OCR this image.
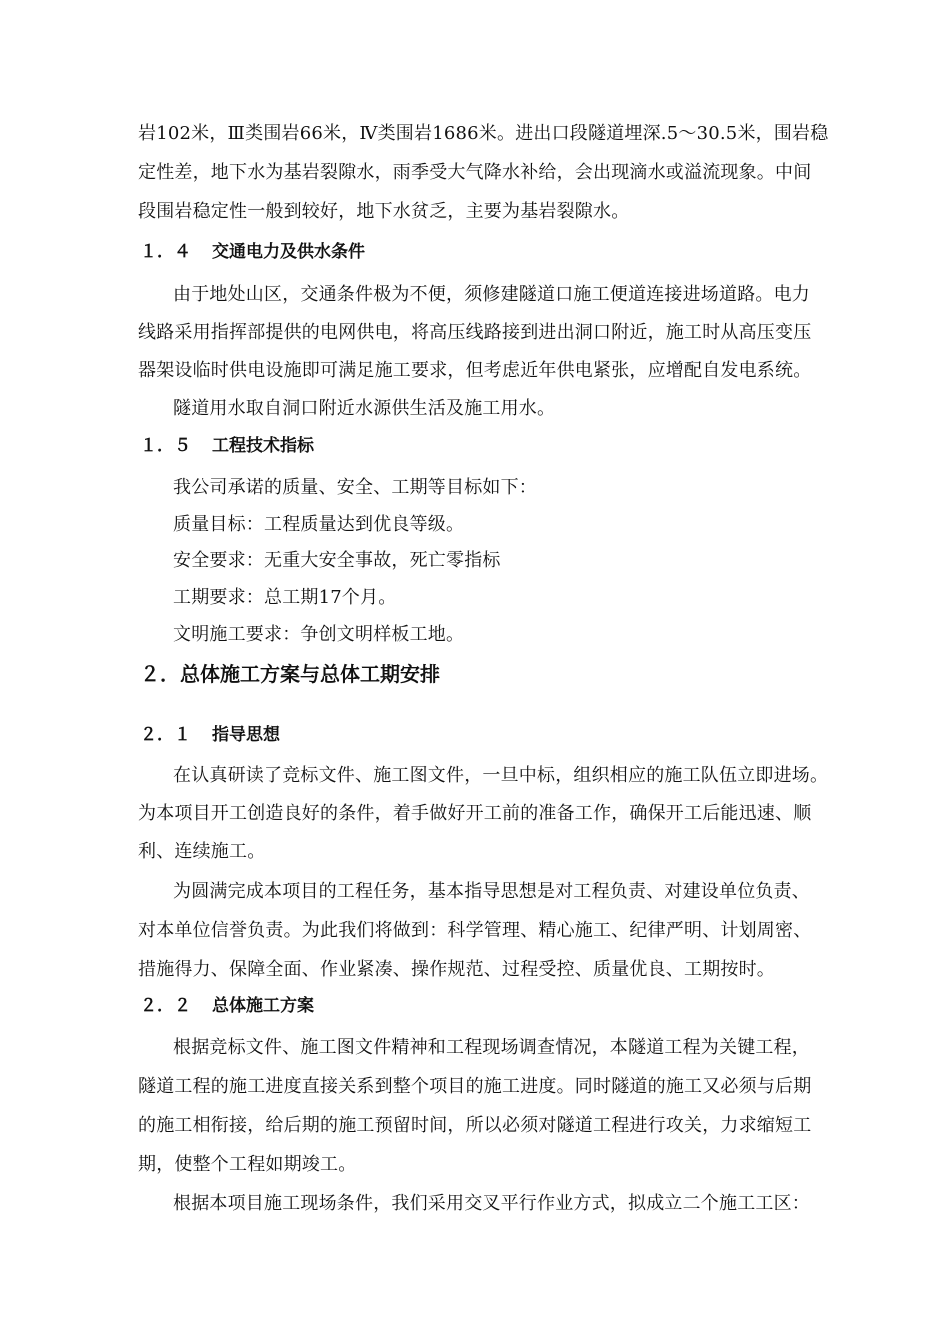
岩102米，Ⅲ类围岩66米，Ⅳ类围岩1686米。进出口段隧道埋深.5～30.5米，围岩稳
定性差，地下水为基岩裂隙水，雨季受大气降水补给，会出现滴水或溢流现象。中间
段围岩稳定性一般到较好，地下水贫乏，主要为基岩裂隙水。
１．４ 交通电力及供水条件
由于地处山区，交通条件极为不便，须修建隧道口施工便道连接进场道路。电力
线路采用指挥部提供的电网供电，将高压线路接到进出洞口附近，施工时从高压变压
器架设临时供电设施即可满足施工要求，但考虑近年供电紧张，应增配自发电系统。
隧道用水取自洞口附近水源供生活及施工用水。
１．５ 工程技术指标
我公司承诺的质量、安全、工期等目标如下：
质量目标：工程质量达到优良等级。
安全要求：无重大安全事故，死亡零指标
工期要求：总工期17个月。
文明施工要求：争创文明样板工地。
２．总体施工方案与总体工期安排
２．１ 指导思想
在认真研读了竞标文件、施工图文件，一旦中标，组织相应的施工队伍立即进场。
为本项目开工创造良好的条件，着手做好开工前的准备工作，确保开工后能迅速、顺
利、连续施工。
为圆满完成本项目的工程任务，基本指导思想是对工程负责、对建设单位负责、
对本单位信誉负责。为此我们将做到：科学管理、精心施工、纪律严明、计划周密、
措施得力、保障全面、作业紧凑、操作规范、过程受控、质量优良、工期按时。
２．２ 总体施工方案
根据竞标文件、施工图文件精神和工程现场调查情况，本隧道工程为关键工程，
隧道工程的施工进度直接关系到整个项目的施工进度。同时隧道的施工又必须与后期
的施工相衔接，给后期的施工预留时间，所以必须对隧道工程进行攻关，力求缩短工
期，使整个工程如期竣工。
根据本项目施工现场条件，我们采用交叉平行作业方式，拟成立二个施工工区：
